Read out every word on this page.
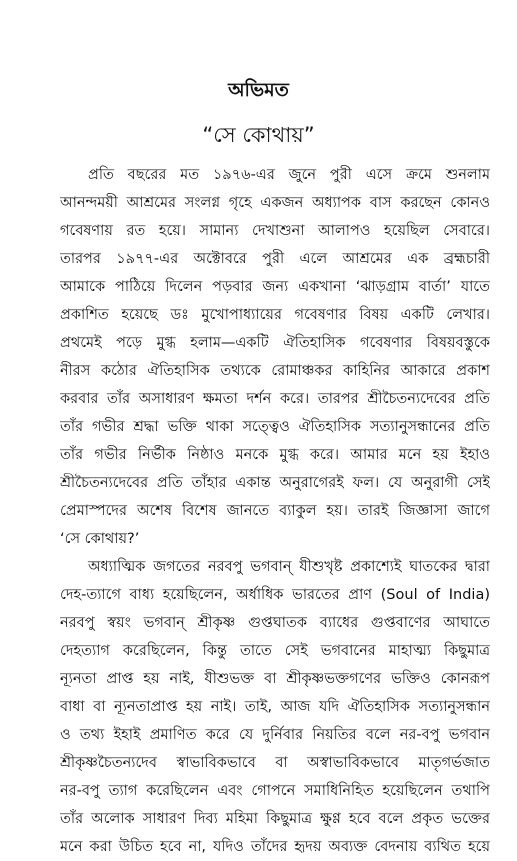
অভিমত
“সে কোথায়”
প্রতি বছরের মত ১৯৭৬-এর জুনে পুরী এসে ক্রমে শুনলাম
আনন্দময়ী আশ্রমের সংলগ্ন গৃহে একজন অধ্যাপক বাস করছেন কোনও
গবেষণায় রত হয়ে। সামান্য দেখাশুনা আলাপও হয়েছিল সেবারে।
তারপর ১৯৭৭-এর অক্টোবরে পুরী এলে আশ্রমের এক ব্রহ্মচারী
আমাকে পাঠিয়ে দিলেন পড়বার জন্য একখানা ‘ঝাড়গ্রাম বার্তা’ যাতে
প্রকাশিত হয়েছে ডঃ মুখোপাধ্যায়ের গবেষণার বিষয় একটি লেখার।
প্রথমেই পড়ে মুগ্ধ হলাম—একটি ঐতিহাসিক গবেষণার বিষয়বস্তুকে
নীরস কঠোর ঐতিহাসিক তথ্যকে রোমাঞ্চকর কাহিনির আকারে প্রকাশ
করবার তাঁর অসাধারণ ক্ষমতা দর্শন করে। তারপর শ্রীচৈতন্যদেবের প্রতি
তাঁর গভীর শ্রদ্ধা ভক্তি থাকা সত্ত্বেও ঐতিহাসিক সত্যানুসন্ধানের প্রতি
তাঁর গভীর নির্ভীক নিষ্ঠাও মনকে মুগ্ধ করে। আমার মনে হয় ইহাও
শ্রীচৈতন্যদেবের প্রতি তাঁহার একান্ত অনুরাগেরই ফল। যে অনুরাগী সেই
প্রেমাস্পদের অশেষ বিশেষ জানতে ব্যাকুল হয়। তারই জিজ্ঞাসা জাগে
‘সে কোথায়?’
অধ্যাত্মিক জগতের নরবপু ভগবান্ যীশুখৃষ্ট প্রকাশ্যেই ঘাতকের দ্বারা
দেহ-ত্যাগে বাধ্য হয়েছিলেন, অর্ধাধিক ভারতের প্রাণ (Soul of India)
নরবপু স্বয়ং ভগবান্ শ্রীকৃষ্ণ গুপ্তঘাতক ব্যাধের গুপ্তবাণের আঘাতে
দেহত্যাগ করেছিলেন, কিন্তু তাতে সেই ভগবানের মাহাত্ম্য কিছুমাত্র
ন্যূনতা প্রাপ্ত হয় নাই, যীশুভক্ত বা শ্রীকৃষ্ণভক্তগণের ভক্তিও কোনরূপ
বাধা বা ন্যূনতাপ্রাপ্ত হয় নাই। তাই, আজ যদি ঐতিহাসিক সত্যানুসন্ধান
ও তথ্য ইহাই প্রমাণিত করে যে দুর্নিবার নিয়তির বলে নর-বপু ভগবান
শ্রীকৃষ্ণচৈতন্যদেব স্বাভাবিকভাবে বা অস্বাভাবিকভাবে মাতৃগর্ভজাত
নর-বপু ত্যাগ করেছিলেন এবং গোপনে সমাধিনিহিত হয়েছিলেন তথাপি
তাঁর অলোক সাধারণ দিব্য মহিমা কিছুমাত্র ক্ষুণ্ণ হবে বলে প্রকৃত ভক্তের
মনে করা উচিত হবে না, যদিও তাঁদের হৃদয় অব্যক্ত বেদনায় ব্যথিত হয়ে
